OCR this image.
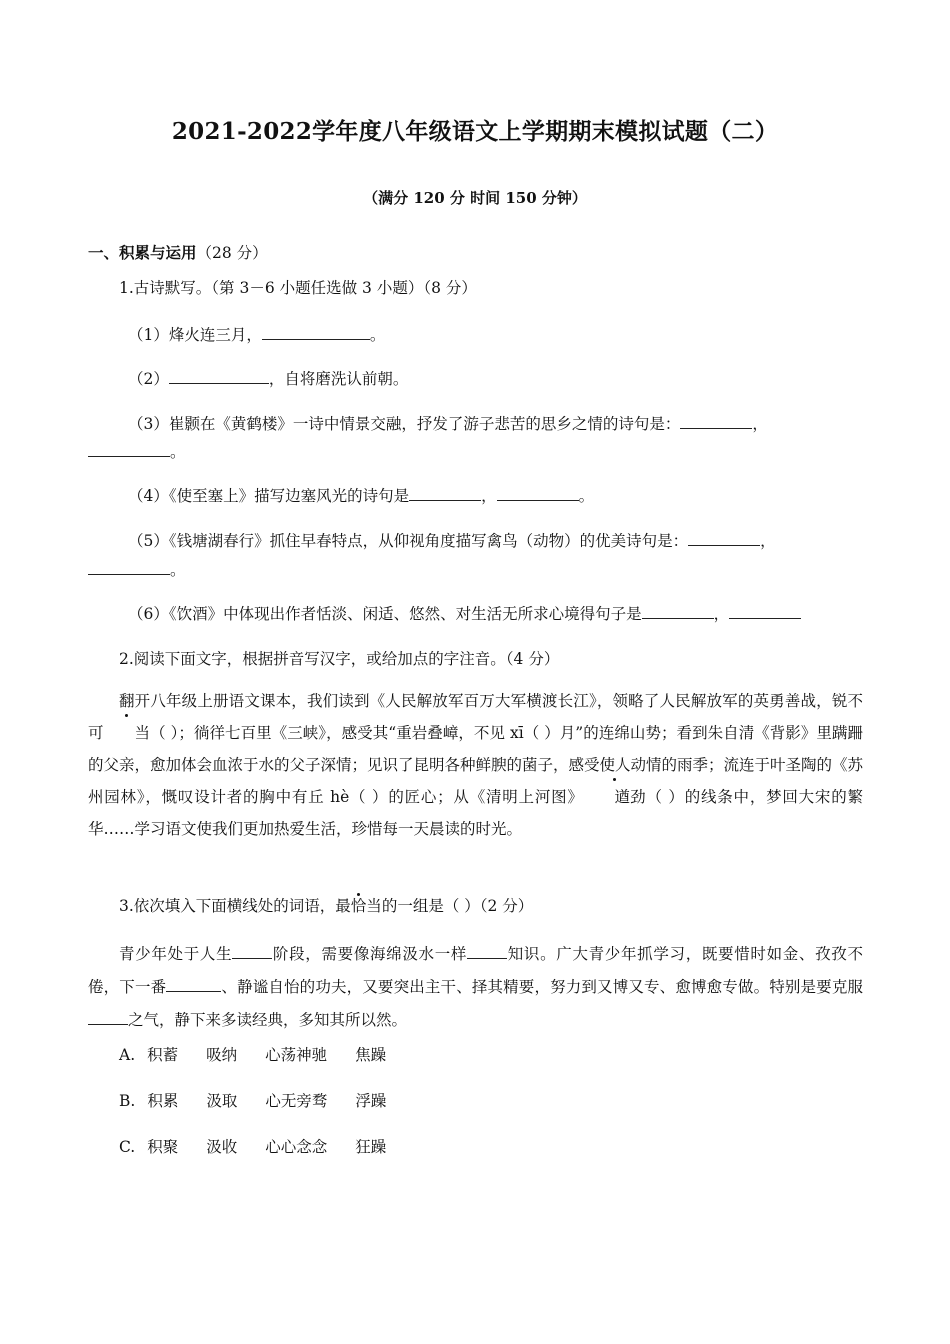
2021-2022学年度八年级语文上学期期末模拟试题（二）
（满分 120 分 时间 150 分钟）
一、积累与运用（28 分）
1.古诗默写。（第 3－6 小题任选做 3 小题）（8 分）
（1）烽火连三月，	。
（2）	，自将磨洗认前朝。
（3）崔颢在《黄鹤楼》一诗中情景交融，抒发了游子悲苦的思乡之情的诗句是：	，
。
（4）《使至塞上》描写边塞风光的诗句是	，	。
（5）《钱塘湖春行》抓住早春特点，从仰视角度描写禽鸟（动物）的优美诗句是：	，
。
（6）《饮酒》中体现出作者恬淡、闲适、悠然、对生活无所求心境得句子是	，
2.阅读下面文字，根据拼音写汉字，或给加点的字注音。（4 分）
翻开八年级上册语文课本，我们读到《人民解放军百万大军横渡长江》，领略了人民解放军的英勇善战，锐不可 当（ ）；徜徉七百里《三峡》，感受其“重岩叠嶂，不见 xī（ ）月”的连绵山势；看到朱自清《背影》里蹒跚的父亲，愈加体会血浓于水的父子深情；见识了昆明各种鲜腴的菌子，感受使人动情的雨季；流连于叶圣陶的《苏州园林》，慨叹设计者的胸中有丘 hè（ ）的匠心；从《清明上河图》 遒劲（ ）的线条中，梦回大宋的繁华……学习语文使我们更加热爱生活，珍惜每一天晨读的时光。
3.依次填入下面横线处的词语，最恰当的一组是（ ）（2 分）
青少年处于人生	阶段，需要像海绵汲水一样	知识。广大青少年抓学习，既要惜时如金、孜孜不倦，下一番	、静谧自怡的功夫，又要突出主干、择其精要，努力到又博又专、愈博愈专做。特别是要克服之气，静下来多读经典，多知其所以然。
A. 积蓄 吸纳 心荡神驰 焦躁
B. 积累 汲取 心无旁骛 浮躁
C. 积聚 汲收 心心念念 狂躁
